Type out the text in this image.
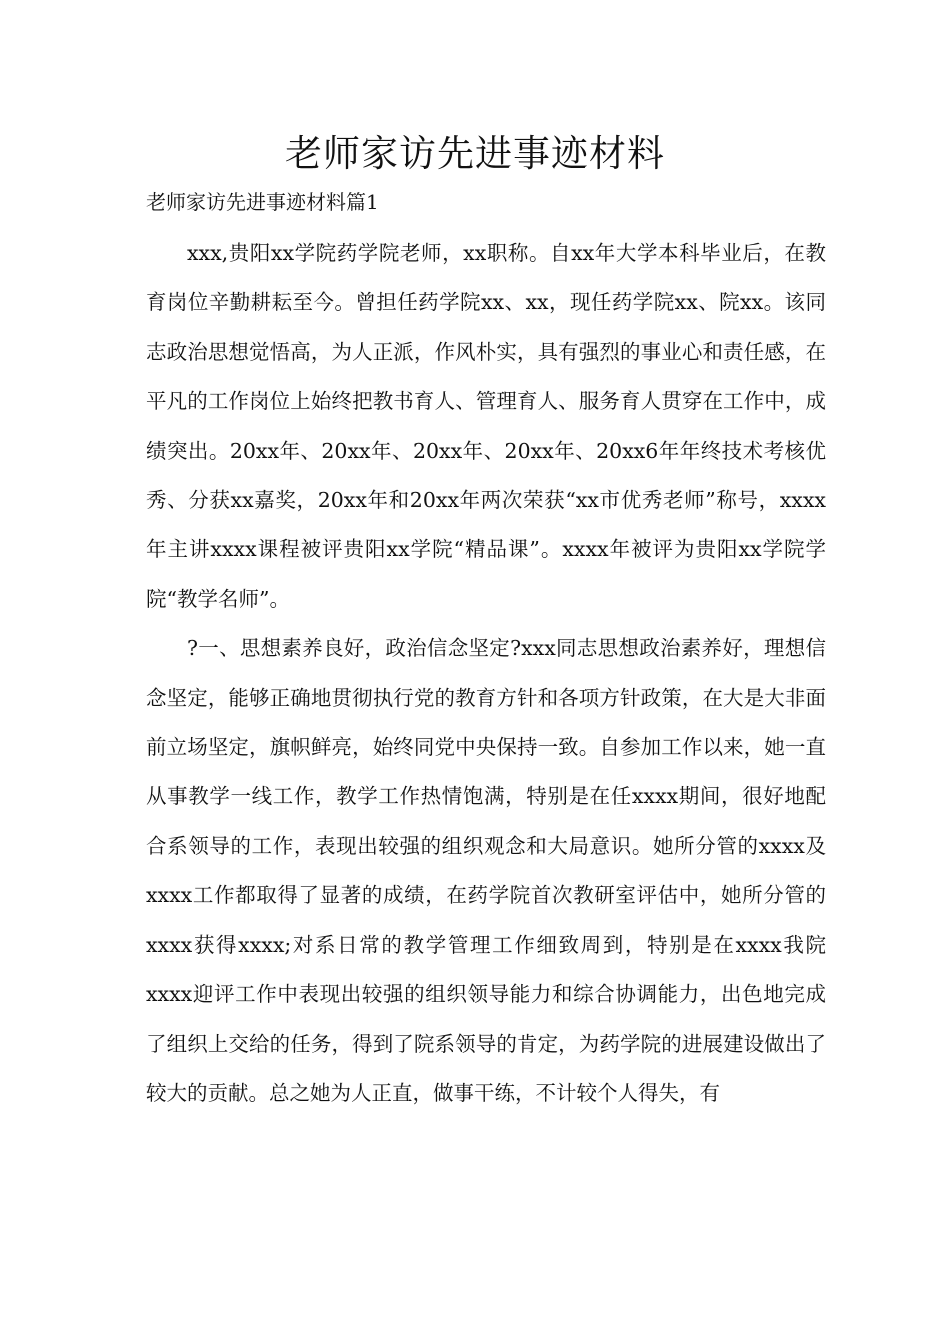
老师家访先进事迹材料
老师家访先进事迹材料篇1

xxx,贵阳xx学院药学院老师，xx职称。自xx年大学本科毕业后，在教育岗位辛勤耕耘至今。曾担任药学院xx、xx，现任药学院xx、院xx。该同志政治思想觉悟高，为人正派，作风朴实，具有强烈的事业心和责任感，在平凡的工作岗位上始终把教书育人、管理育人、服务育人贯穿在工作中，成绩突出。20xx年、20xx年、20xx年、20xx年、20xx6年年终技术考核优秀、分获xx嘉奖，20xx年和20xx年两次荣获“xx市优秀老师”称号，xxxx年主讲xxxx课程被评贵阳xx学院“精品课”。xxxx年被评为贵阳xx学院学院“教学名师”。

?一、思想素养良好，政治信念坚定?xxx同志思想政治素养好，理想信念坚定，能够正确地贯彻执行党的教育方针和各项方针政策，在大是大非面前立场坚定，旗帜鲜亮，始终同党中央保持一致。自参加工作以来，她一直从事教学一线工作，教学工作热情饱满，特别是在任xxxx期间，很好地配合系领导的工作，表现出较强的组织观念和大局意识。她所分管的xxxx及xxxx工作都取得了显著的成绩，在药学院首次教研室评估中，她所分管的xxxx获得xxxx;对系日常的教学管理工作细致周到，特别是在xxxx我院xxxx迎评工作中表现出较强的组织领导能力和综合协调能力，出色地完成了组织上交给的任务，得到了院系领导的肯定，为药学院的进展建设做出了较大的贡献。总之她为人正直，做事干练，不计较个人得失，有
